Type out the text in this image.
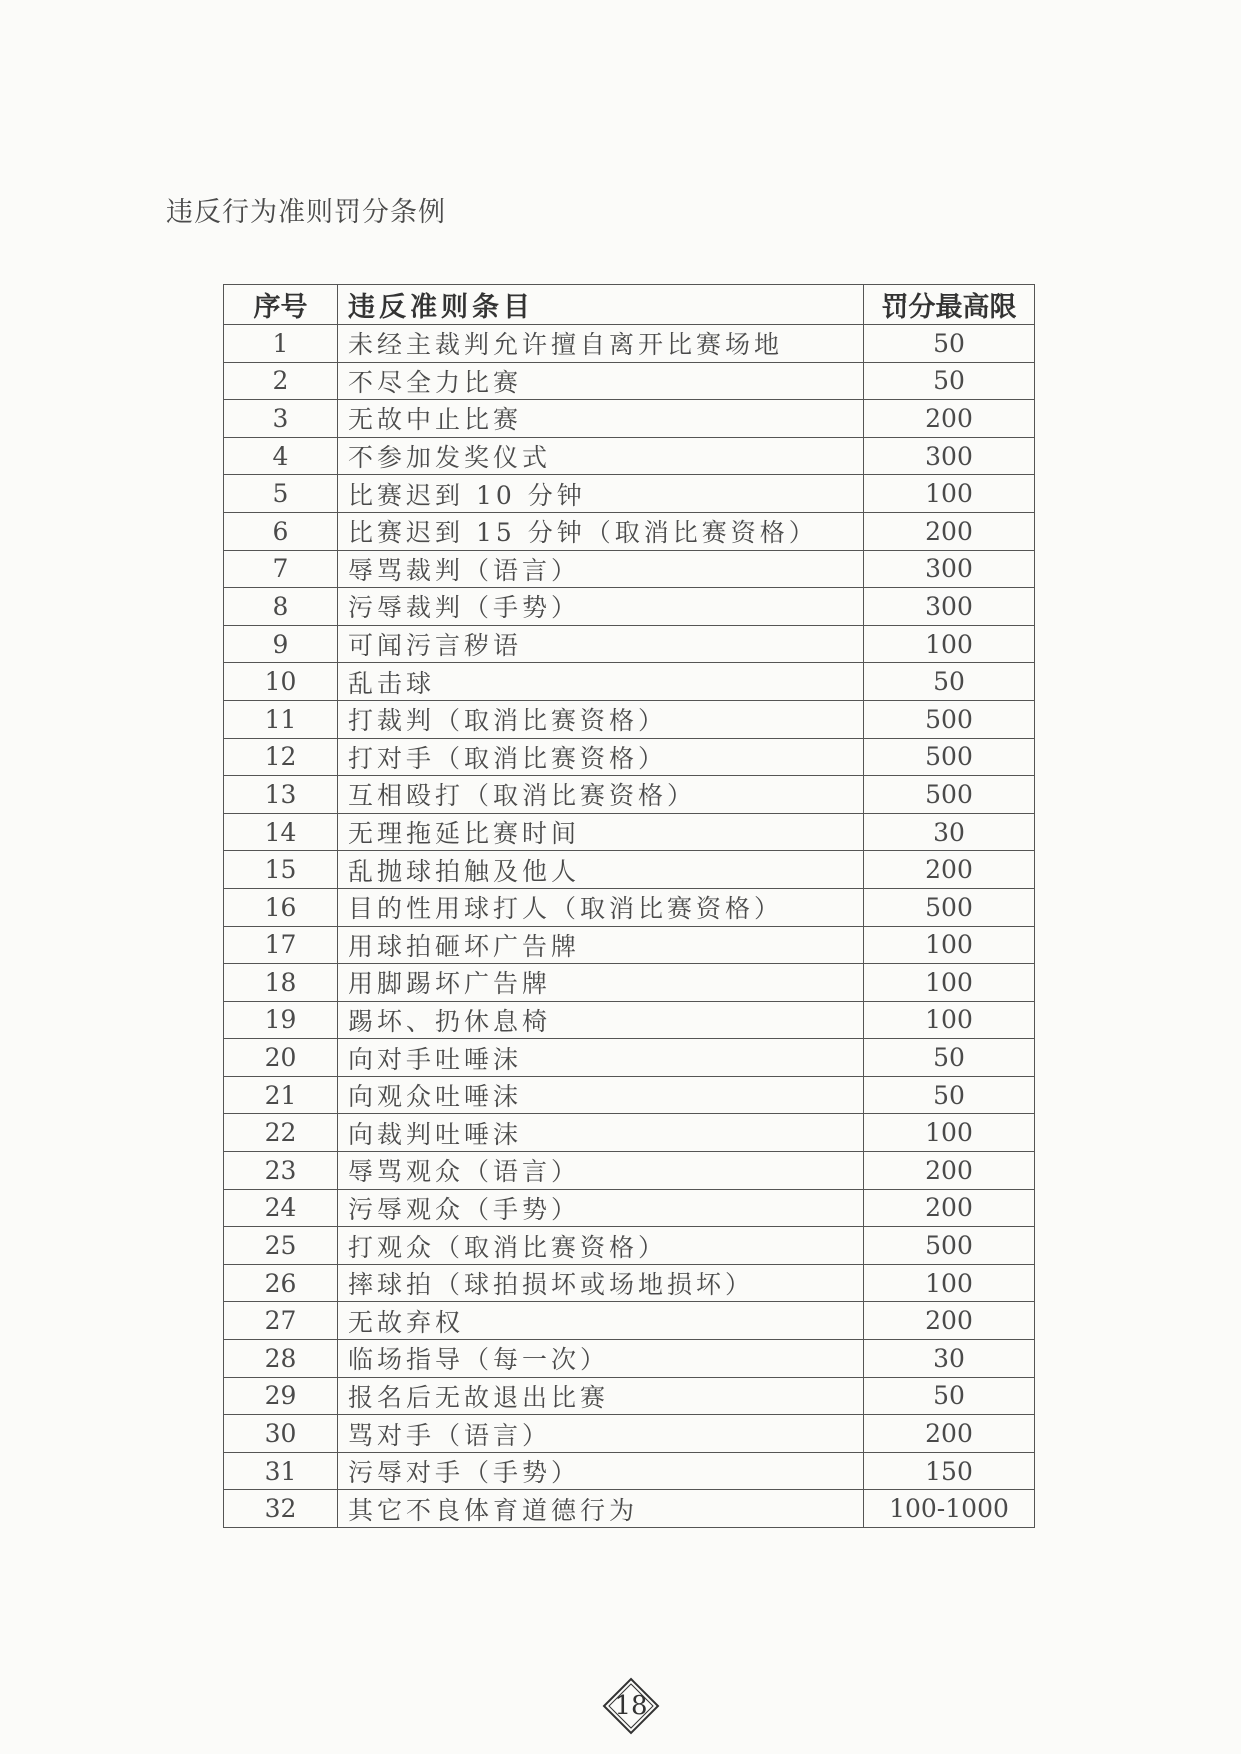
违反行为准则罚分条例
序号	违反准则条目	罚分最高限
1	未经主裁判允许擅自离开比赛场地	50
2	不尽全力比赛	50
3	无故中止比赛	200
4	不参加发奖仪式	300
5	比赛迟到 10 分钟	100
6	比赛迟到 15 分钟（取消比赛资格）	200
7	辱骂裁判（语言）	300
8	污辱裁判（手势）	300
9	可闻污言秽语	100
10	乱击球	50
11	打裁判（取消比赛资格）	500
12	打对手（取消比赛资格）	500
13	互相殴打（取消比赛资格）	500
14	无理拖延比赛时间	30
15	乱抛球拍触及他人	200
16	目的性用球打人（取消比赛资格）	500
17	用球拍砸坏广告牌	100
18	用脚踢坏广告牌	100
19	踢坏、扔休息椅	100
20	向对手吐唾沫	50
21	向观众吐唾沫	50
22	向裁判吐唾沫	100
23	辱骂观众（语言）	200
24	污辱观众（手势）	200
25	打观众（取消比赛资格）	500
26	摔球拍（球拍损坏或场地损坏）	100
27	无故弃权	200
28	临场指导（每一次）	30
29	报名后无故退出比赛	50
30	骂对手（语言）	200
31	污辱对手（手势）	150
32	其它不良体育道德行为	100-1000
18
